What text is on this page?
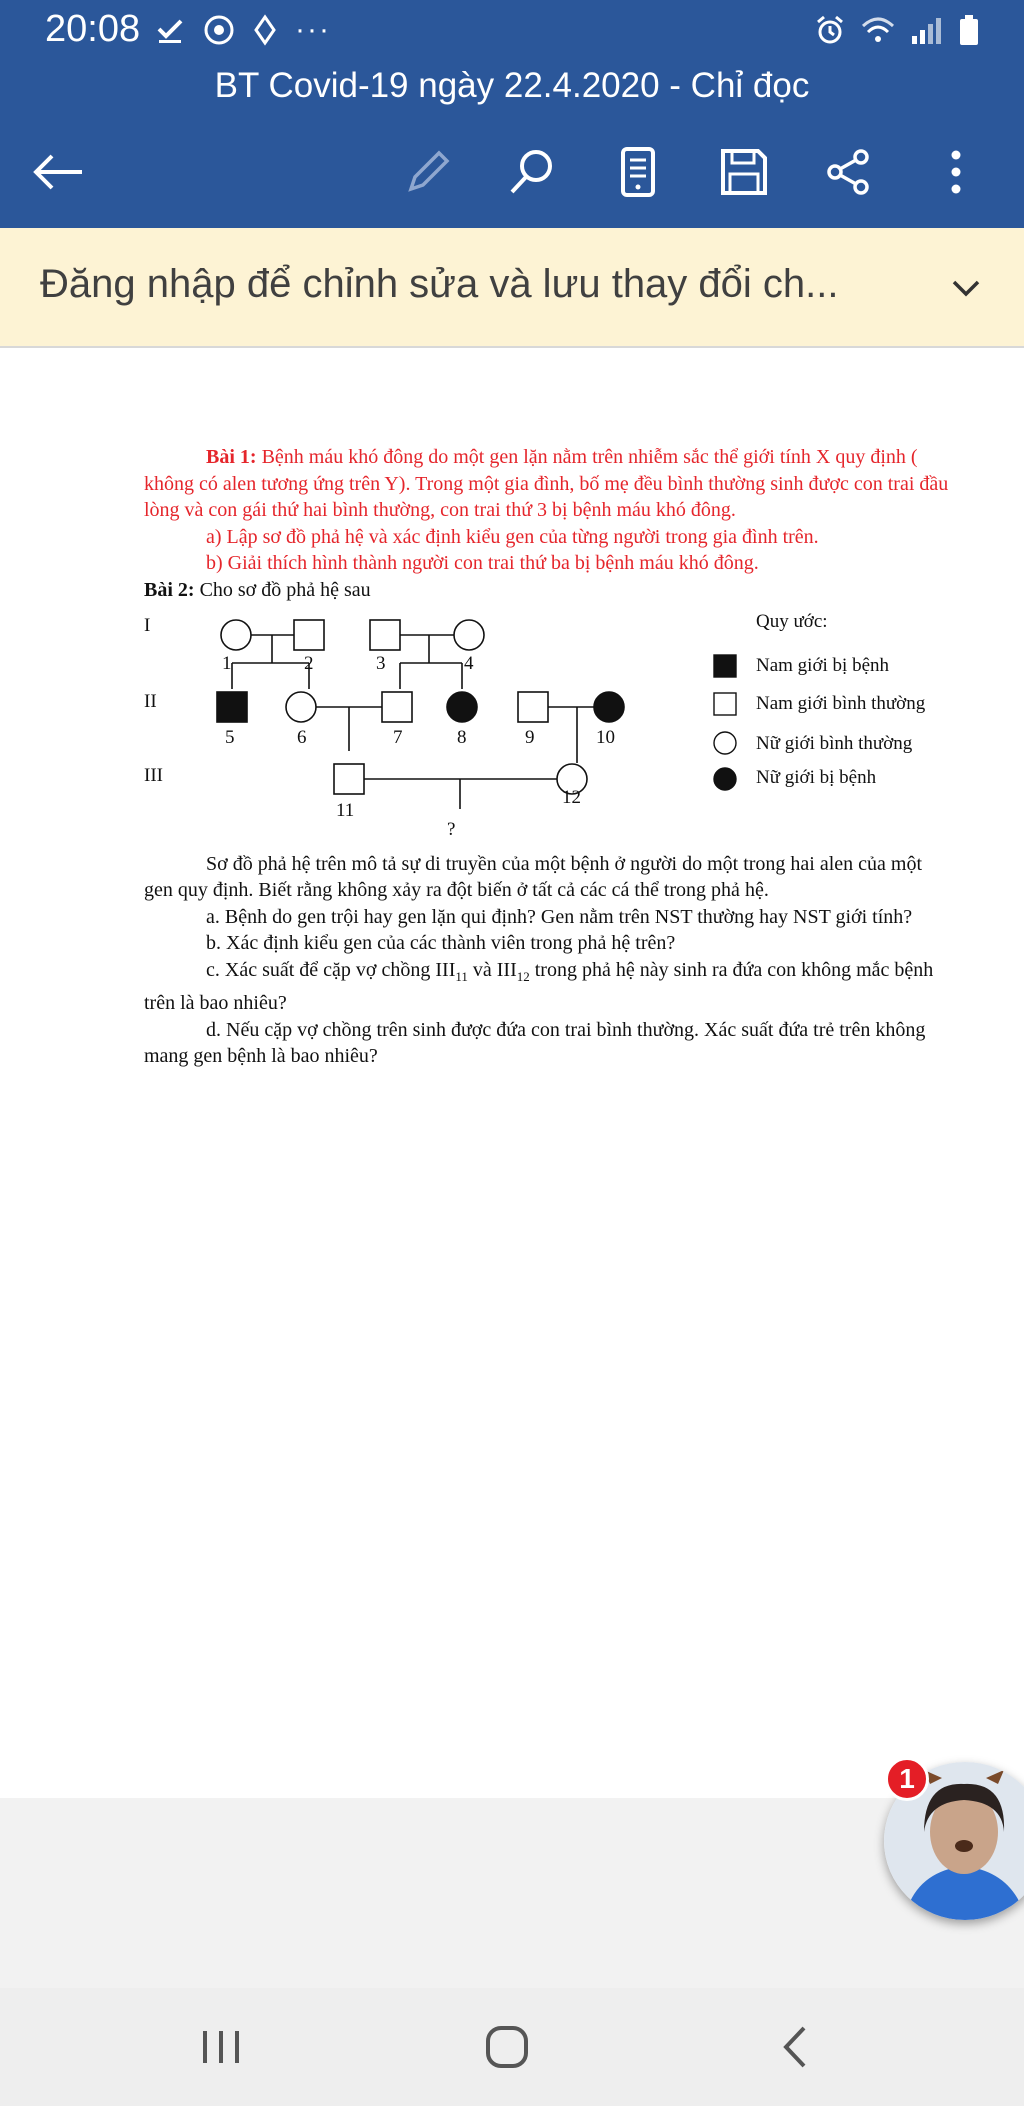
20:08	···
BT Covid-19 ngày 22.4.2020 - Chỉ đọc
Đăng nhập để chỉnh sửa và lưu thay đổi ch...

Bài 1: Bệnh máu khó đông do một gen lặn nằm trên nhiễm sắc thể giới tính X quy định ( không có alen tương ứng trên Y). Trong một gia đình, bố mẹ đều bình thường sinh được con trai đầu lòng và con gái thứ hai bình thường, con trai thứ 3 bị bệnh máu khó đông.

a) Lập sơ đồ phả hệ và xác định kiểu gen của từng người trong gia đình trên.

b) Giải thích hình thành người con trai thứ ba bị bệnh máu khó đông.

Bài 2: Cho sơ đồ phả hệ sau

I
II
III
1	2	3	4
5	6	7	8	9	10
11
12
?
Quy ước:
Nam giới bị bệnh
Nam giới bình thường
Nữ giới bình thường
Nữ giới bị bệnh

Sơ đồ phả hệ trên mô tả sự di truyền của một bệnh ở người do một trong hai alen của một gen quy định. Biết rằng không xảy ra đột biến ở tất cả các cá thể trong phả hệ.

a. Bệnh do gen trội hay gen lặn qui định? Gen nằm trên NST thường hay NST giới tính?

b. Xác định kiểu gen của các thành viên trong phả hệ trên?

c. Xác suất để cặp vợ chồng $III_{11}$ và $III_{12}$ trong phả hệ này sinh ra đứa con không mắc bệnh trên là bao nhiêu?

d. Nếu cặp vợ chồng trên sinh được đứa con trai bình thường. Xác suất đứa trẻ trên không mang gen bệnh là bao nhiêu?

1
